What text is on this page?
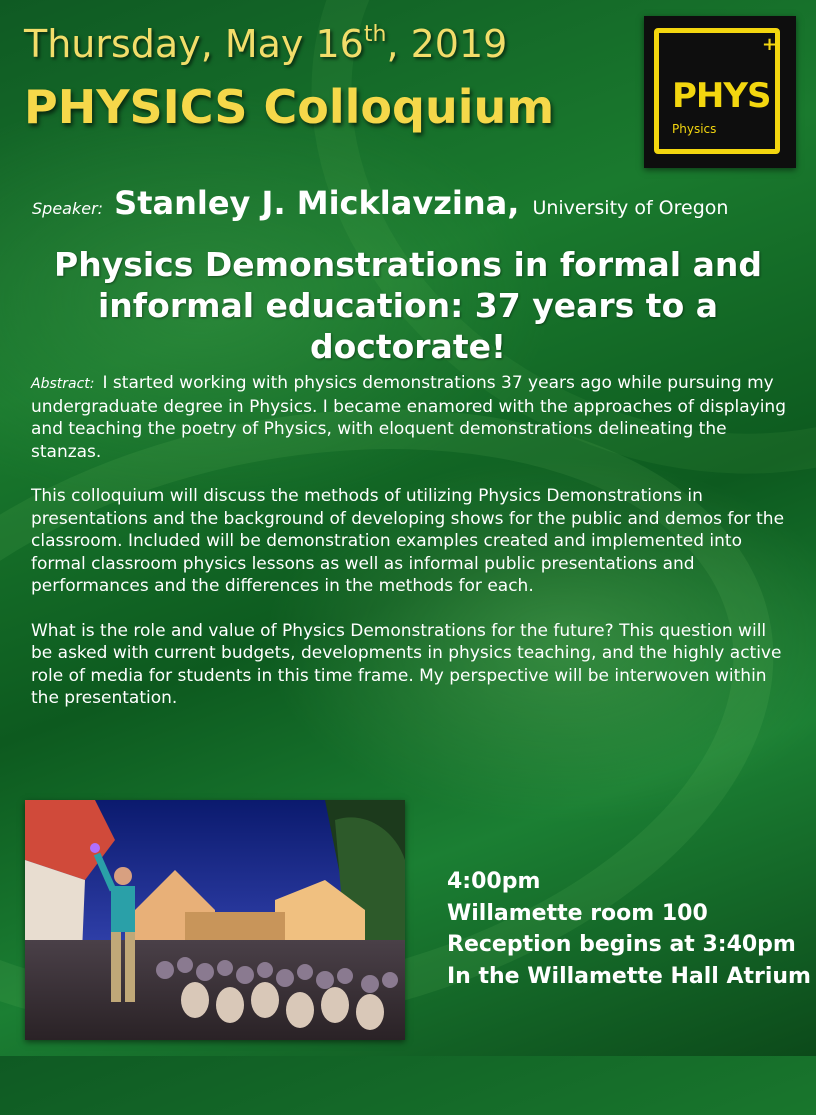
Thursday, May 16th, 2019
PHYSICS Colloquium
+
PHYS
Physics
Speaker: Stanley J. Micklavzina, University of Oregon
Physics Demonstrations in formal and
informal education: 37 years to a doctorate!

Abstract: I started working with physics demonstrations 37 years ago while pursuing my undergraduate degree in Physics. I became enamored with the approaches of displaying and teaching the poetry of Physics, with eloquent demonstrations delineating the stanzas.

This colloquium will discuss the methods of utilizing Physics Demonstrations in presentations and the background of developing shows for the public and demos for the classroom. Included will be demonstration examples created and implemented into formal classroom physics lessons as well as informal public presentations and performances and the differences in the methods for each.

What is the role and value of Physics Demonstrations for the future? This question will be asked with current budgets, developments in physics teaching, and the highly active role of media for students in this time frame. My perspective will be interwoven within the presentation.

4:00pm
Willamette room 100
Reception begins at 3:40pm
In the Willamette Hall Atrium
